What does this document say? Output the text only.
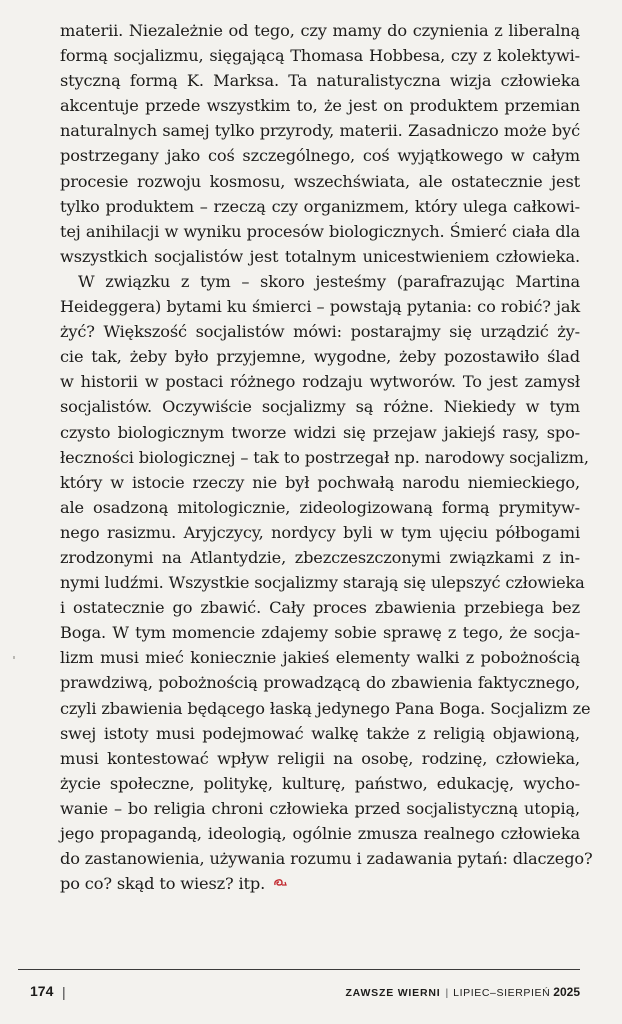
materii. Niezależnie od tego, czy mamy do czynienia z liberalną
formą socjalizmu, sięgającą Thomasa Hobbesa, czy z kolektywi-
styczną formą K. Marksa. Ta naturalistyczna wizja człowieka
akcentuje przede wszystkim to, że jest on produktem przemian
naturalnych samej tylko przyrody, materii. Zasadniczo może być
postrzegany jako coś szczególnego, coś wyjątkowego w całym
procesie rozwoju kosmosu, wszechświata, ale ostatecznie jest
tylko produktem – rzeczą czy organizmem, który ulega całkowi-
tej anihilacji w wyniku procesów biologicznych. Śmierć ciała dla
wszystkich socjalistów jest totalnym unicestwieniem człowieka.
W związku z tym – skoro jesteśmy (parafrazując Martina
Heideggera) bytami ku śmierci – powstają pytania: co robić? jak
żyć? Większość socjalistów mówi: postarajmy się urządzić ży-
cie tak, żeby było przyjemne, wygodne, żeby pozostawiło ślad
w historii w postaci różnego rodzaju wytworów. To jest zamysł
socjalistów. Oczywiście socjalizmy są różne. Niekiedy w tym
czysto biologicznym tworze widzi się przejaw jakiejś rasy, spo-
łeczności biologicznej – tak to postrzegał np. narodowy socjalizm,
który w istocie rzeczy nie był pochwałą narodu niemieckiego,
ale osadzoną mitologicznie, zideologizowaną formą prymityw-
nego rasizmu. Aryjczycy, nordycy byli w tym ujęciu półbogami
zrodzonymi na Atlantydzie, zbezczeszczonymi związkami z in-
nymi ludźmi. Wszystkie socjalizmy starają się ulepszyć człowieka
i ostatecznie go zbawić. Cały proces zbawienia przebiega bez
Boga. W tym momencie zdajemy sobie sprawę z tego, że socja-
lizm musi mieć koniecznie jakieś elementy walki z pobożnością
prawdziwą, pobożnością prowadzącą do zbawienia faktycznego,
czyli zbawienia będącego łaską jedynego Pana Boga. Socjalizm ze
swej istoty musi podejmować walkę także z religią objawioną,
musi kontestować wpływ religii na osobę, rodzinę, człowieka,
życie społeczne, politykę, kulturę, państwo, edukację, wycho-
wanie – bo religia chroni człowieka przed socjalistyczną utopią,
jego propagandą, ideologią, ogólnie zmusza realnego człowieka
do zastanowienia, używania rozumu i zadawania pytań: dlaczego?
po co? skąd to wiesz? itp.
174 |	ZAWSZE WIERNI | LIPIEC–SIERPIEŃ 2025
